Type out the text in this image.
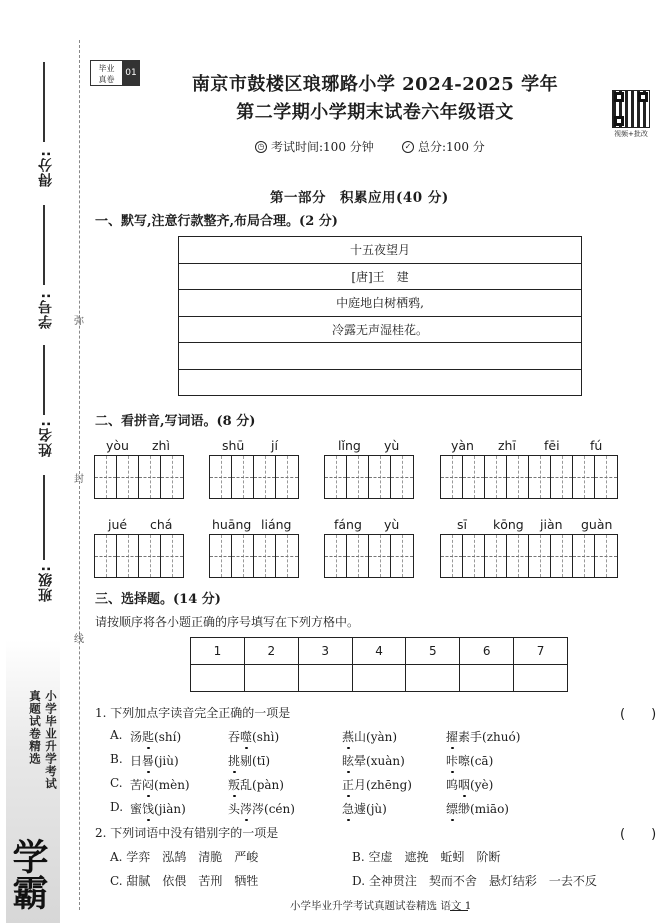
得分:
学号:
姓名:
班级:
弥
封
线
小学毕业升学考试
真题试卷精选
学霸
毕业
真卷
01
南京市鼓楼区琅琊路小学 2024-2025 学年
第二学期小学期末试卷六年级语文
视频+批改
◷ 考试时间:100 分钟	✓ 总分:100 分
第一部分　积累应用(40 分)
一、默写,注意行款整齐,布局合理。(2 分)
十五夜望月
[唐]王　建
中庭地白树栖鸦,
冷露无声湿桂花。
二、看拼音,写词语。(8 分)
yòu zhì	shū jí	lǐng yù	yàn zhī fēi fú
jué chá	huāng liáng	fáng yù	sī kōng jiàn guàn
三、选择题。(14 分)
请按顺序将各小题正确的序号填写在下列方格中。
1	2	3	4	5	6	7
1. 下列加点字读音完全正确的一项是	(　　)
A. 汤匙(shí)	吞噬(shì)	燕山(yàn)	擢素手(zhuó)
B. 日晷(jiù)	挑剔(tī)	眩晕(xuàn)	咔嚓(cā)
C. 苦闷(mèn)	叛乱(pàn)	正月(zhēng)	呜咽(yè)
D. 蜜饯(jiàn)	头涔涔(cén)	急遽(jù)	缥缈(miāo)
2. 下列词语中没有错别字的一项是	(　　)
A. 学弈　泓鹄　清脆　严峻	B. 空虚　遮挽　蚯蚓　阶断
C. 甜腻　依偎　苦刑　牺牲	D. 全神贯注　契而不舍　悬灯结彩　一去不反
小学毕业升学考试真题试卷精选 语文 1
